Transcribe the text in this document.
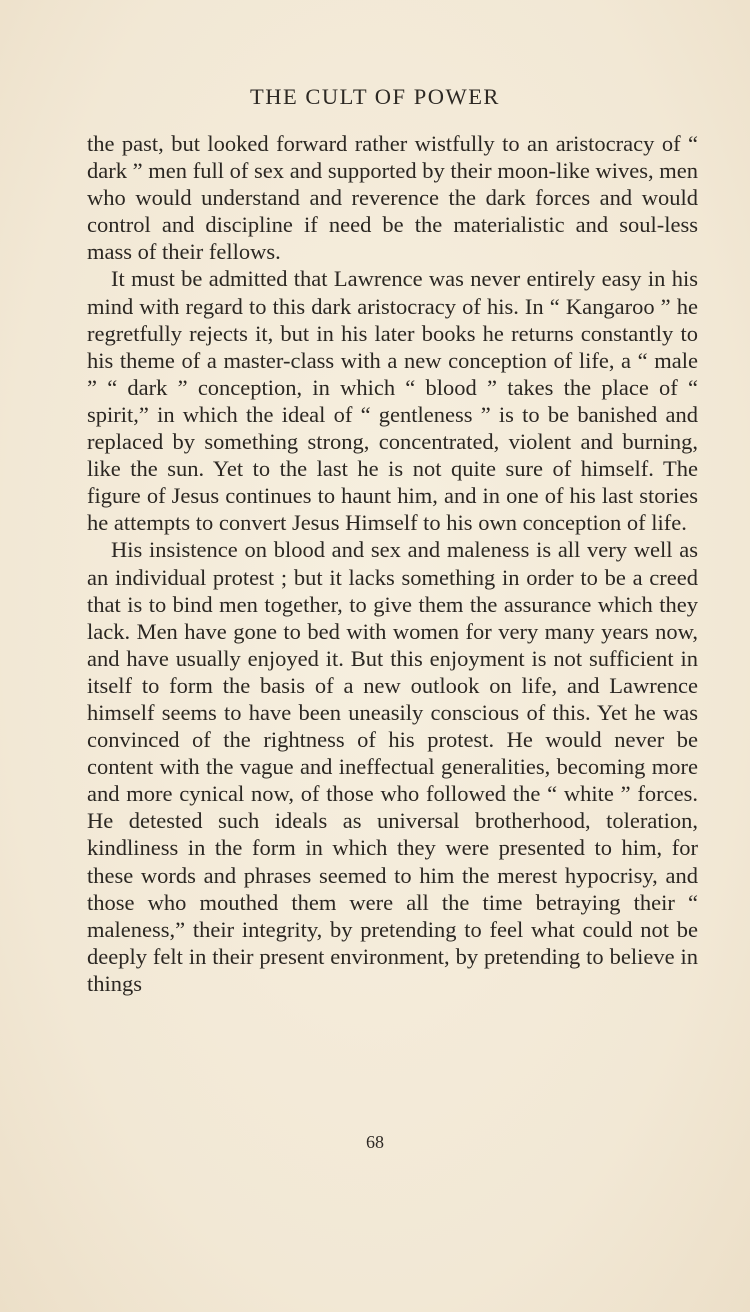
THE CULT OF POWER

the past, but looked forward rather wistfully to an aristocracy of “ dark ” men full of sex and supported by their moon-like wives, men who would understand and reverence the dark forces and would control and discipline if need be the materialistic and soul-less mass of their fellows.

It must be admitted that Lawrence was never entirely easy in his mind with regard to this dark aristocracy of his. In “ Kangaroo ” he regretfully rejects it, but in his later books he returns constantly to his theme of a master-class with a new conception of life, a “ male ” “ dark ” conception, in which “ blood ” takes the place of “ spirit,” in which the ideal of “ gentleness ” is to be banished and replaced by something strong, concentrated, violent and burning, like the sun. Yet to the last he is not quite sure of himself. The figure of Jesus continues to haunt him, and in one of his last stories he attempts to convert Jesus Himself to his own conception of life.

His insistence on blood and sex and maleness is all very well as an individual protest ; but it lacks something in order to be a creed that is to bind men together, to give them the assurance which they lack. Men have gone to bed with women for very many years now, and have usually enjoyed it. But this enjoyment is not sufficient in itself to form the basis of a new outlook on life, and Lawrence himself seems to have been uneasily conscious of this. Yet he was convinced of the rightness of his protest. He would never be content with the vague and ineffectual generalities, becoming more and more cynical now, of those who followed the “ white ” forces. He detested such ideals as universal brotherhood, toleration, kindliness in the form in which they were presented to him, for these words and phrases seemed to him the merest hypocrisy, and those who mouthed them were all the time betraying their “ maleness,” their integrity, by pretending to feel what could not be deeply felt in their present environment, by pretending to believe in things

68
